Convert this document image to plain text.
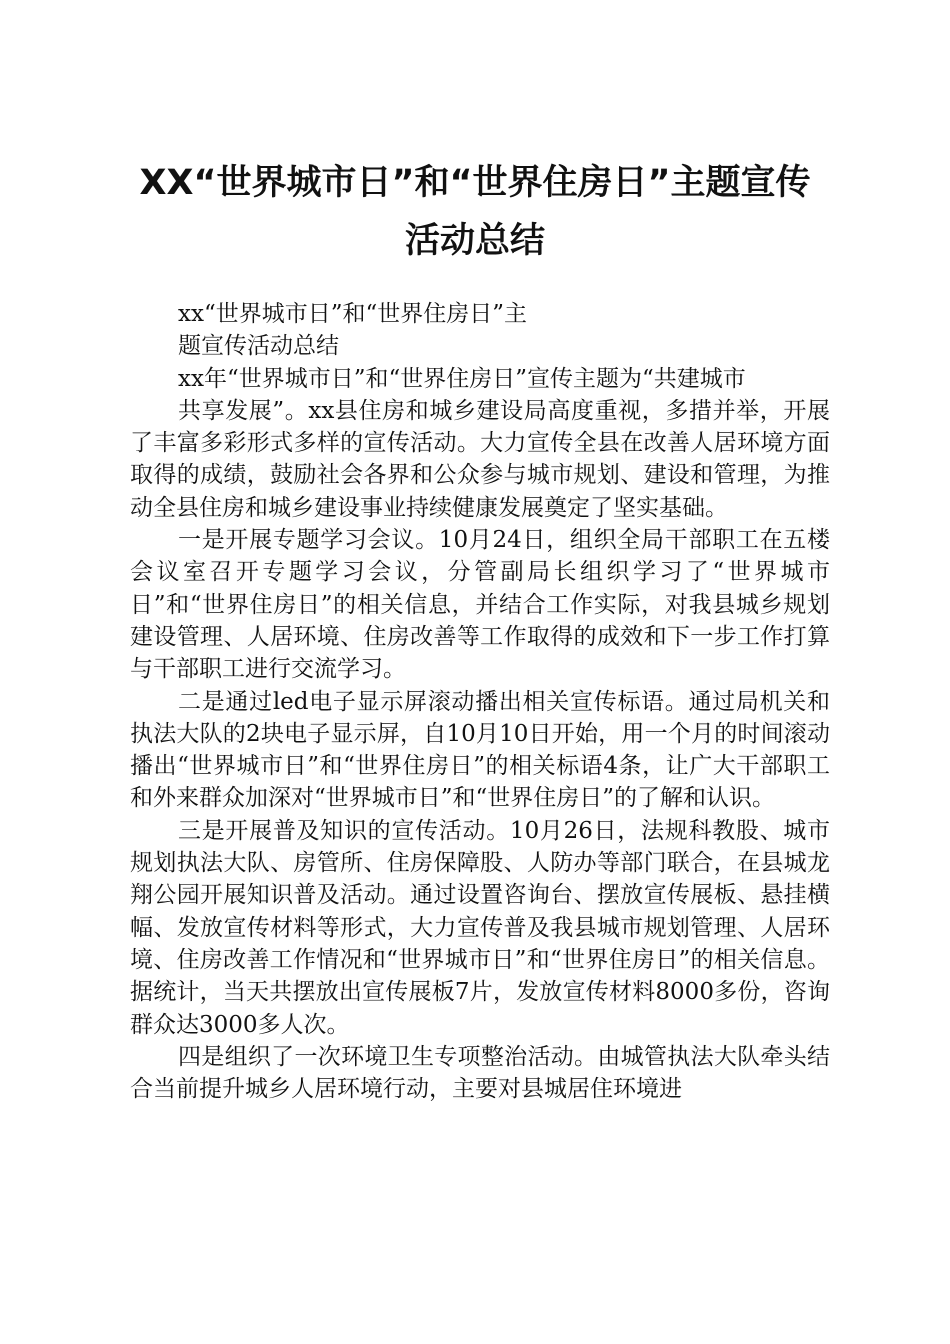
XX“世界城市日”和“世界住房日”主题宣传
活动总结

xx“世界城市日”和“世界住房日”主

题宣传活动总结

xx年“世界城市日”和“世界住房日”宣传主题为“共建城市

共享发展”。xx县住房和城乡建设局高度重视，多措并举，开展了丰富多彩形式多样的宣传活动。大力宣传全县在改善人居环境方面取得的成绩，鼓励社会各界和公众参与城市规划、建设和管理，为推动全县住房和城乡建设事业持续健康发展奠定了坚实基础。

一是开展专题学习会议。10月24日，组织全局干部职工在五楼会议室召开专题学习会议，分管副局长组织学习了“世界城市日”和“世界住房日”的相关信息，并结合工作实际，对我县城乡规划建设管理、人居环境、住房改善等工作取得的成效和下一步工作打算与干部职工进行交流学习。

二是通过led电子显示屏滚动播出相关宣传标语。通过局机关和执法大队的2块电子显示屏，自10月10日开始，用一个月的时间滚动播出“世界城市日”和“世界住房日”的相关标语4条，让广大干部职工和外来群众加深对“世界城市日”和“世界住房日”的了解和认识。

三是开展普及知识的宣传活动。10月26日，法规科教股、城市规划执法大队、房管所、住房保障股、人防办等部门联合，在县城龙翔公园开展知识普及活动。通过设置咨询台、摆放宣传展板、悬挂横幅、发放宣传材料等形式，大力宣传普及我县城市规划管理、人居环境、住房改善工作情况和“世界城市日”和“世界住房日”的相关信息。据统计，当天共摆放出宣传展板7片，发放宣传材料8000多份，咨询群众达3000多人次。

四是组织了一次环境卫生专项整治活动。由城管执法大队牵头结合当前提升城乡人居环境行动，主要对县城居住环境进
